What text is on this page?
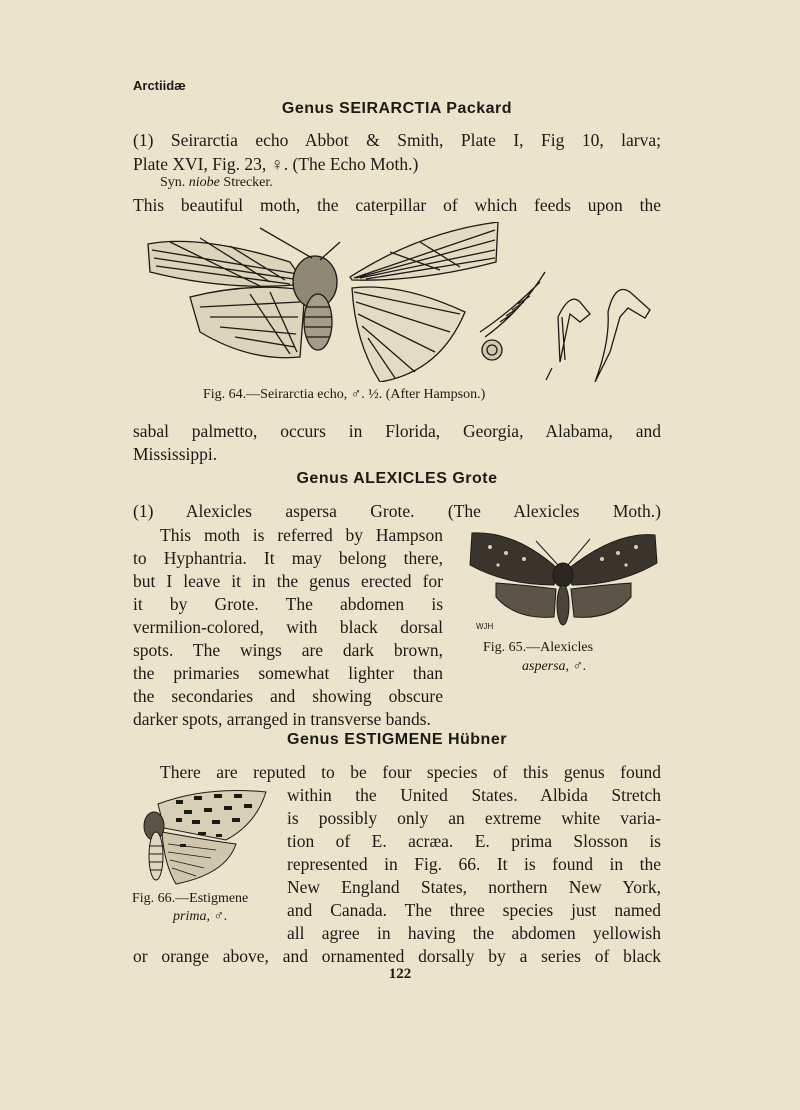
Arctiidæ
Genus SEIRARCTIA Packard
(1) Seirarctia echo Abbot & Smith, Plate I, Fig 10, larva;
Plate XVI, Fig. 23, ♀. (The Echo Moth.)
Syn. niobe Strecker.
This beautiful moth, the caterpillar of which feeds upon the
Fig. 64.—Seirarctia echo, ♂. ½. (After Hampson.)
sabal palmetto, occurs in Florida, Georgia, Alabama, and
Mississippi.
Genus ALEXICLES Grote
(1) Alexicles aspersa Grote. (The Alexicles Moth.)
This moth is referred by Hampson
to Hyphantria. It may belong there,
but I leave it in the genus erected for
it by Grote. The abdomen is
vermilion-colored, with black dorsal
spots. The wings are dark brown,
the primaries somewhat lighter than
the secondaries and showing obscure
darker spots, arranged in transverse bands.
WJH
Fig. 65.—Alexicles
aspersa, ♂.
Genus ESTIGMENE Hübner
There are reputed to be four species of this genus found
within the United States. Albida Stretch
is possibly only an extreme white varia-
tion of E. acræa. E. prima Slosson is
represented in Fig. 66. It is found in the
New England States, northern New York,
and Canada. The three species just named
all agree in having the abdomen yellowish
or orange above, and ornamented dorsally by a series of black
Fig. 66.—Estigmene
prima, ♂.
122
